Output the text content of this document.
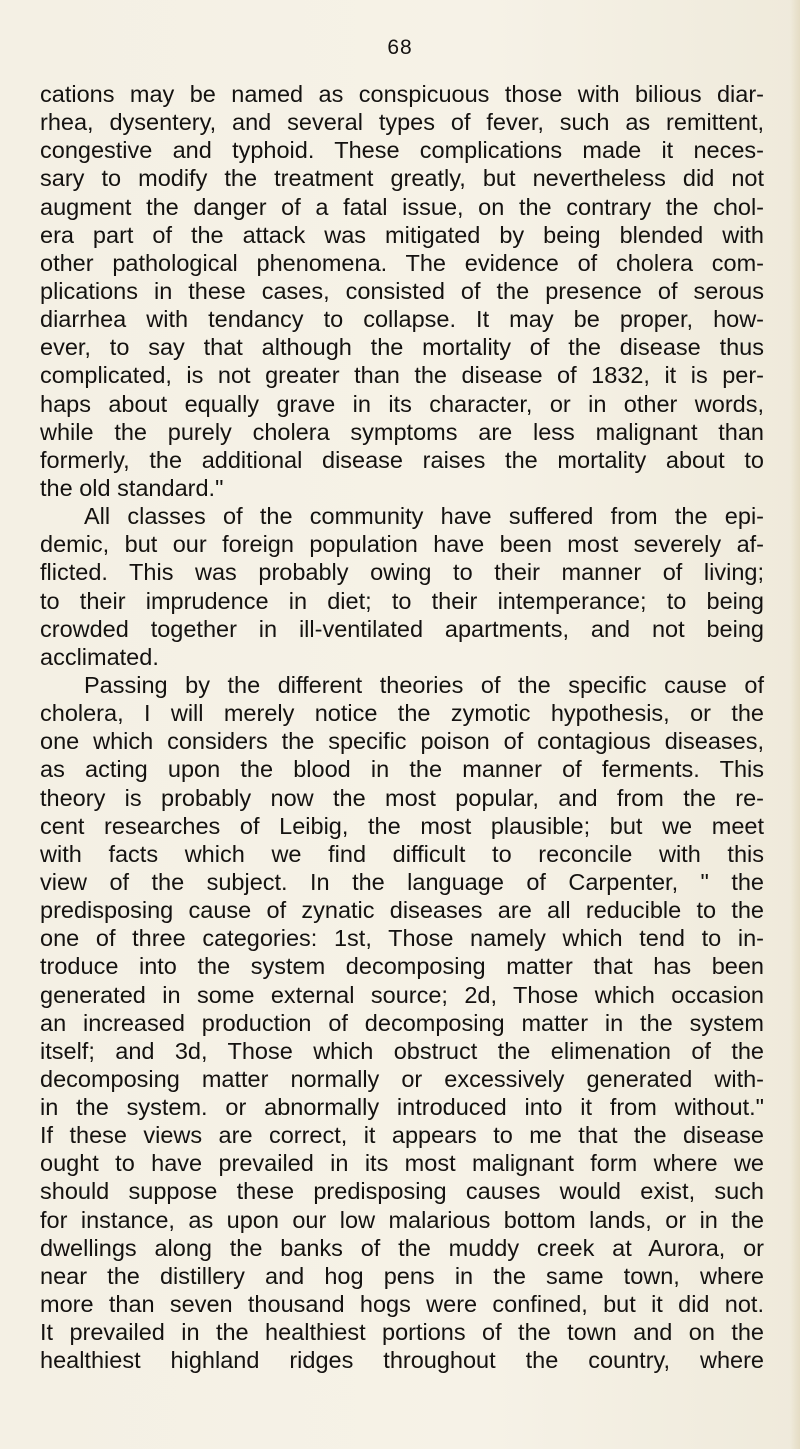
68
cations may be named as conspicuous those with bilious diar-
rhea, dysentery, and several types of fever, such as remittent,
congestive and typhoid. These complications made it neces-
sary to modify the treatment greatly, but nevertheless did not
augment the danger of a fatal issue, on the contrary the chol-
era part of the attack was mitigated by being blended with
other pathological phenomena. The evidence of cholera com-
plications in these cases, consisted of the presence of serous
diarrhea with tendancy to collapse. It may be proper, how-
ever, to say that although the mortality of the disease thus
complicated, is not greater than the disease of 1832, it is per-
haps about equally grave in its character, or in other words,
while the purely cholera symptoms are less malignant than
formerly, the additional disease raises the mortality about to
the old standard."
All classes of the community have suffered from the epi-
demic, but our foreign population have been most severely af-
flicted. This was probably owing to their manner of living;
to their imprudence in diet; to their intemperance; to being
crowded together in ill-ventilated apartments, and not being
acclimated.
Passing by the different theories of the specific cause of
cholera, I will merely notice the zymotic hypothesis, or the
one which considers the specific poison of contagious diseases,
as acting upon the blood in the manner of ferments. This
theory is probably now the most popular, and from the re-
cent researches of Leibig, the most plausible; but we meet
with facts which we find difficult to reconcile with this
view of the subject. In the language of Carpenter, " the
predisposing cause of zynatic diseases are all reducible to the
one of three categories: 1st, Those namely which tend to in-
troduce into the system decomposing matter that has been
generated in some external source; 2d, Those which occasion
an increased production of decomposing matter in the system
itself; and 3d, Those which obstruct the elimenation of the
decomposing matter normally or excessively generated with-
in the system. or abnormally introduced into it from without."
If these views are correct, it appears to me that the disease
ought to have prevailed in its most malignant form where we
should suppose these predisposing causes would exist, such
for instance, as upon our low malarious bottom lands, or in the
dwellings along the banks of the muddy creek at Aurora, or
near the distillery and hog pens in the same town, where
more than seven thousand hogs were confined, but it did not.
It prevailed in the healthiest portions of the town and on the
healthiest highland ridges throughout the country, where
